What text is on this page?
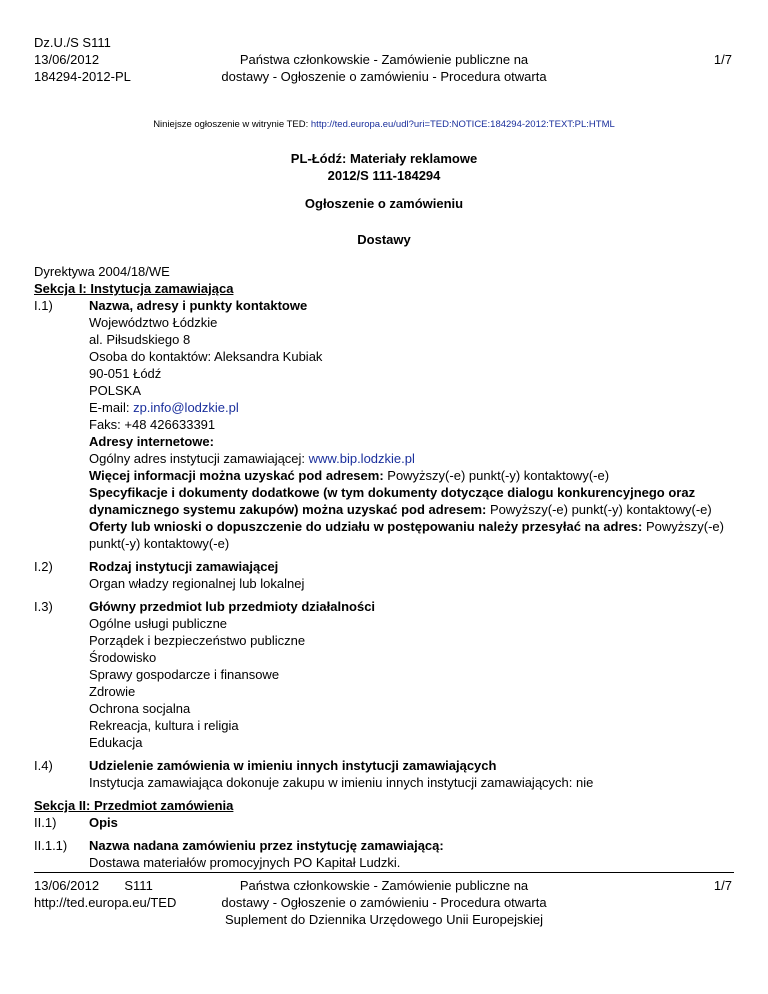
Dz.U./S S111
13/06/2012
184294-2012-PL
Państwa członkowskie - Zamówienie publiczne na
dostawy - Ogłoszenie o zamówieniu - Procedura otwarta
1/7
Niniejsze ogłoszenie w witrynie TED: http://ted.europa.eu/udl?uri=TED:NOTICE:184294-2012:TEXT:PL:HTML
PL-Łódź: Materiały reklamowe
2012/S 111-184294
Ogłoszenie o zamówieniu
Dostawy
Dyrektywa 2004/18/WE
Sekcja I: Instytucja zamawiająca
I.1)	Nazwa, adresy i punkty kontaktowe
Województwo Łódzkie
al. Piłsudskiego 8
Osoba do kontaktów: Aleksandra Kubiak
90-051 Łódź
POLSKA
E-mail: zp.info@lodzkie.pl
Faks: +48 426633391
Adresy internetowe:
Ogólny adres instytucji zamawiającej: www.bip.lodzkie.pl
Więcej informacji można uzyskać pod adresem: Powyższy(-e) punkt(-y) kontaktowy(-e)
Specyfikacje i dokumenty dodatkowe (w tym dokumenty dotyczące dialogu konkurencyjnego oraz
dynamicznego systemu zakupów) można uzyskać pod adresem: Powyższy(-e) punkt(-y) kontaktowy(-e)
Oferty lub wnioski o dopuszczenie do udziału w postępowaniu należy przesyłać na adres: Powyższy(-e)
punkt(-y) kontaktowy(-e)
I.2)	Rodzaj instytucji zamawiającej
Organ władzy regionalnej lub lokalnej
I.3)	Główny przedmiot lub przedmioty działalności
Ogólne usługi publiczne
Porządek i bezpieczeństwo publiczne
Środowisko
Sprawy gospodarcze i finansowe
Zdrowie
Ochrona socjalna
Rekreacja, kultura i religia
Edukacja
I.4)	Udzielenie zamówienia w imieniu innych instytucji zamawiających
Instytucja zamawiająca dokonuje zakupu w imieniu innych instytucji zamawiających: nie
Sekcja II: Przedmiot zamówienia
II.1)	Opis
II.1.1)	Nazwa nadana zamówieniu przez instytucję zamawiającą:
Dostawa materiałów promocyjnych PO Kapitał Ludzki.
13/06/2012 S111
http://ted.europa.eu/TED
Państwa członkowskie - Zamówienie publiczne na
dostawy - Ogłoszenie o zamówieniu - Procedura otwarta
Suplement do Dziennika Urzędowego Unii Europejskiej
1/7
